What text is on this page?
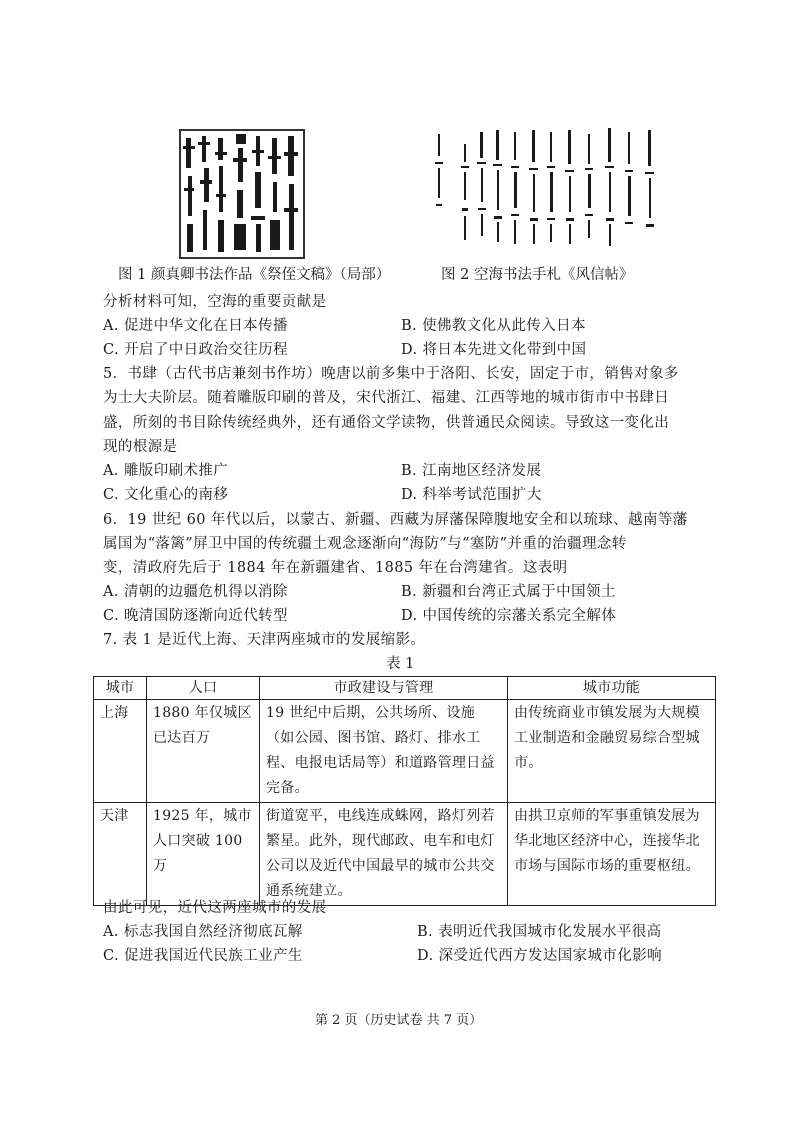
图 1 颜真卿书法作品《祭侄文稿》（局部）	图 2 空海书法手札《风信帖》
分析材料可知，空海的重要贡献是
A. 促进中华文化在日本传播	B. 使佛教文化从此传入日本
C. 开启了中日政治交往历程	D. 将日本先进文化带到中国
5．书肆（古代书店兼刻书作坊）晚唐以前多集中于洛阳、长安，固定于市，销售对象多
为士大夫阶层。随着雕版印刷的普及，宋代浙江、福建、江西等地的城市街市中书肆日
盛，所刻的书目除传统经典外，还有通俗文学读物，供普通民众阅读。导致这一变化出
现的根源是
A. 雕版印刷术推广	B. 江南地区经济发展
C. 文化重心的南移	D. 科举考试范围扩大
6．19 世纪 60 年代以后，以蒙古、新疆、西藏为屏藩保障腹地安全和以琉球、越南等藩
属国为“落篱”屏卫中国的传统疆土观念逐渐向“海防”与“塞防”并重的治疆理念转
变，清政府先后于 1884 年在新疆建省、1885 年在台湾建省。这表明
A. 清朝的边疆危机得以消除	B. 新疆和台湾正式属于中国领土
C. 晚清国防逐渐向近代转型	D. 中国传统的宗藩关系完全解体
7. 表 1 是近代上海、天津两座城市的发展缩影。
表 1
城市	人口	市政建设与管理	城市功能
上海	1880 年仅城区已达百万	19 世纪中后期，公共场所、设施（如公园、图书馆、路灯、排水工程、电报电话局等）和道路管理日益完备。	由传统商业市镇发展为大规模工业制造和金融贸易综合型城市。
天津	1925 年，城市人口突破 100 万	街道宽平，电线连成蛛网，路灯列若繁星。此外，现代邮政、电车和电灯公司以及近代中国最早的城市公共交通系统建立。	由拱卫京师的军事重镇发展为华北地区经济中心，连接华北市场与国际市场的重要枢纽。
由此可见，近代这两座城市的发展
A. 标志我国自然经济彻底瓦解	B. 表明近代我国城市化发展水平很高
C. 促进我国近代民族工业产生	D. 深受近代西方发达国家城市化影响
第 2 页（历史试卷 共 7 页）
